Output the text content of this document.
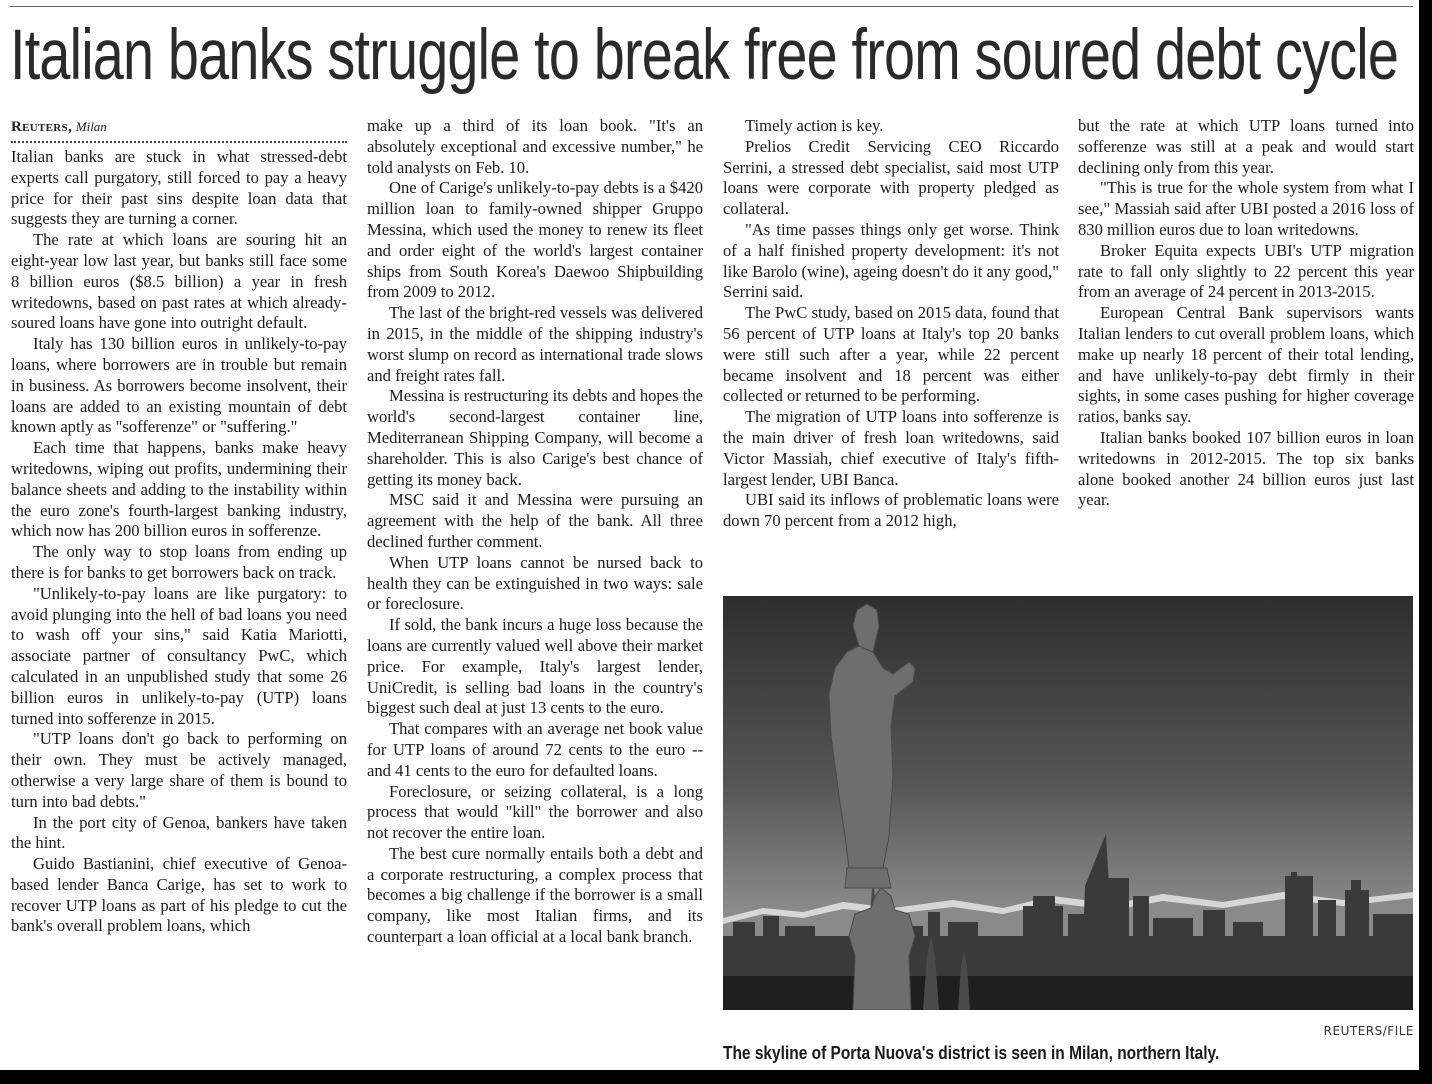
Italian banks struggle to break free from soured debt cycle
Reuters, Milan

Italian banks are stuck in what stressed-debt experts call purgatory, still forced to pay a heavy price for their past sins despite loan data that suggests they are turning a corner.

The rate at which loans are souring hit an eight-year low last year, but banks still face some 8 billion euros ($8.5 billion) a year in fresh writedowns, based on past rates at which already-soured loans have gone into outright default.

Italy has 130 billion euros in unlikely-to-pay loans, where borrowers are in trouble but remain in business. As borrowers become insolvent, their loans are added to an existing mountain of debt known aptly as "sofferenze" or "suffering."

Each time that happens, banks make heavy writedowns, wiping out profits, undermining their balance sheets and adding to the instability within the euro zone's fourth-largest banking industry, which now has 200 billion euros in sofferenze.

The only way to stop loans from ending up there is for banks to get borrowers back on track.

"Unlikely-to-pay loans are like purgatory: to avoid plunging into the hell of bad loans you need to wash off your sins," said Katia Mariotti, associate partner of consultancy PwC, which calculated in an unpublished study that some 26 billion euros in unlikely-to-pay (UTP) loans turned into sofferenze in 2015.

"UTP loans don't go back to performing on their own. They must be actively managed, otherwise a very large share of them is bound to turn into bad debts."

In the port city of Genoa, bankers have taken the hint.

Guido Bastianini, chief executive of Genoa-based lender Banca Carige, has set to work to recover UTP loans as part of his pledge to cut the bank's overall problem loans, which

make up a third of its loan book. "It's an absolutely exceptional and excessive number," he told analysts on Feb. 10.

One of Carige's unlikely-to-pay debts is a $420 million loan to family-owned shipper Gruppo Messina, which used the money to renew its fleet and order eight of the world's largest container ships from South Korea's Daewoo Shipbuilding from 2009 to 2012.

The last of the bright-red vessels was delivered in 2015, in the middle of the shipping industry's worst slump on record as international trade slows and freight rates fall.

Messina is restructuring its debts and hopes the world's second-largest container line, Mediterranean Shipping Company, will become a shareholder. This is also Carige's best chance of getting its money back.

MSC said it and Messina were pursuing an agreement with the help of the bank. All three declined further comment.

When UTP loans cannot be nursed back to health they can be extinguished in two ways: sale or foreclosure.

If sold, the bank incurs a huge loss because the loans are currently valued well above their market price. For example, Italy's largest lender, UniCredit, is selling bad loans in the country's biggest such deal at just 13 cents to the euro.

That compares with an average net book value for UTP loans of around 72 cents to the euro -- and 41 cents to the euro for defaulted loans.

Foreclosure, or seizing collateral, is a long process that would "kill" the borrower and also not recover the entire loan.

The best cure normally entails both a debt and a corporate restructuring, a complex process that becomes a big challenge if the borrower is a small company, like most Italian firms, and its counterpart a loan official at a local bank branch.

Timely action is key.

Prelios Credit Servicing CEO Riccardo Serrini, a stressed debt specialist, said most UTP loans were corporate with property pledged as collateral.

"As time passes things only get worse. Think of a half finished property development: it's not like Barolo (wine), ageing doesn't do it any good," Serrini said.

The PwC study, based on 2015 data, found that 56 percent of UTP loans at Italy's top 20 banks were still such after a year, while 22 percent became insolvent and 18 percent was either collected or returned to be performing.

The migration of UTP loans into sofferenze is the main driver of fresh loan writedowns, said Victor Massiah, chief executive of Italy's fifth-largest lender, UBI Banca.

UBI said its inflows of problematic loans were down 70 percent from a 2012 high,

but the rate at which UTP loans turned into sofferenze was still at a peak and would start declining only from this year.

"This is true for the whole system from what I see," Massiah said after UBI posted a 2016 loss of 830 million euros due to loan writedowns.

Broker Equita expects UBI's UTP migration rate to fall only slightly to 22 percent this year from an average of 24 percent in 2013-2015.

European Central Bank supervisors wants Italian lenders to cut overall problem loans, which make up nearly 18 percent of their total lending, and have unlikely-to-pay debt firmly in their sights, in some cases pushing for higher coverage ratios, banks say.

Italian banks booked 107 billion euros in loan writedowns in 2012-2015. The top six banks alone booked another 24 billion euros just last year.

REUTERS/FILE

The skyline of Porta Nuova's district is seen in Milan, northern Italy.
